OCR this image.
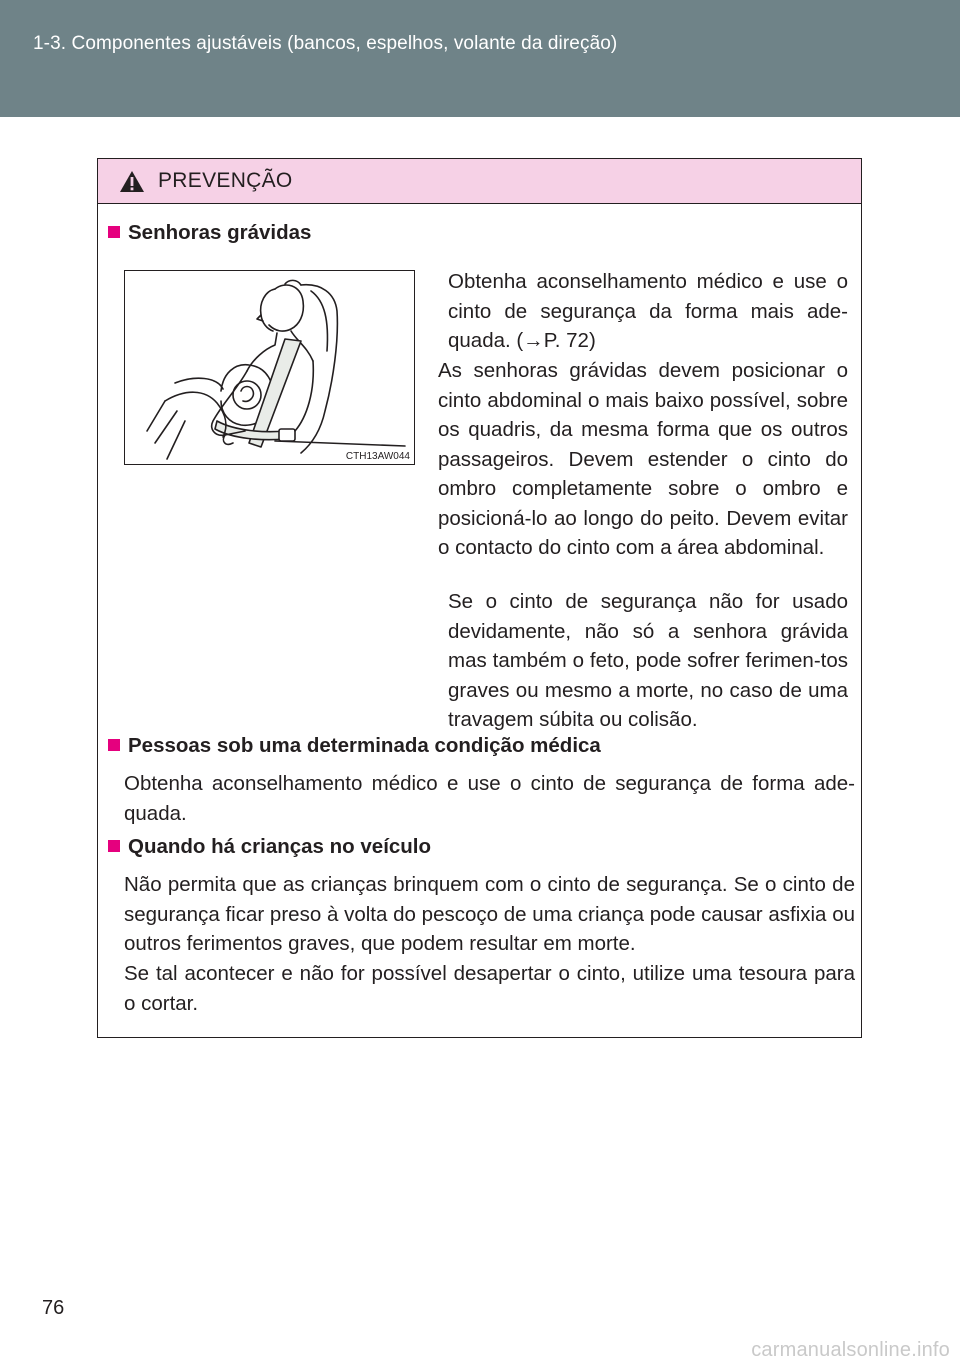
1-3. Componentes ajustáveis (bancos, espelhos, volante da direção)
PREVENÇÃO
Senhoras grávidas
CTH13AW044
Obtenha aconselhamento médico e use o cinto de segurança da forma mais ade-quada. (→P. 72)
As senhoras grávidas devem posicionar o cinto abdominal o mais baixo possível, sobre os quadris, da mesma forma que os outros passageiros. Devem estender o cinto do ombro completamente sobre o ombro e posicioná-lo ao longo do peito. Devem evitar o contacto do cinto com a área abdominal.
Se o cinto de segurança não for usado devidamente, não só a senhora grávida mas também o feto, pode sofrer ferimen-tos graves ou mesmo a morte, no caso de uma travagem súbita ou colisão.
Pessoas sob uma determinada condição médica
Obtenha aconselhamento médico e use o cinto de segurança de forma ade-quada.
Quando há crianças no veículo
Não permita que as crianças brinquem com o cinto de segurança. Se o cinto de segurança ficar preso à volta do pescoço de uma criança pode causar asfixia ou outros ferimentos graves, que podem resultar em morte.
Se tal acontecer e não for possível desapertar o cinto, utilize uma tesoura para o cortar.
76
carmanualsonline.info
